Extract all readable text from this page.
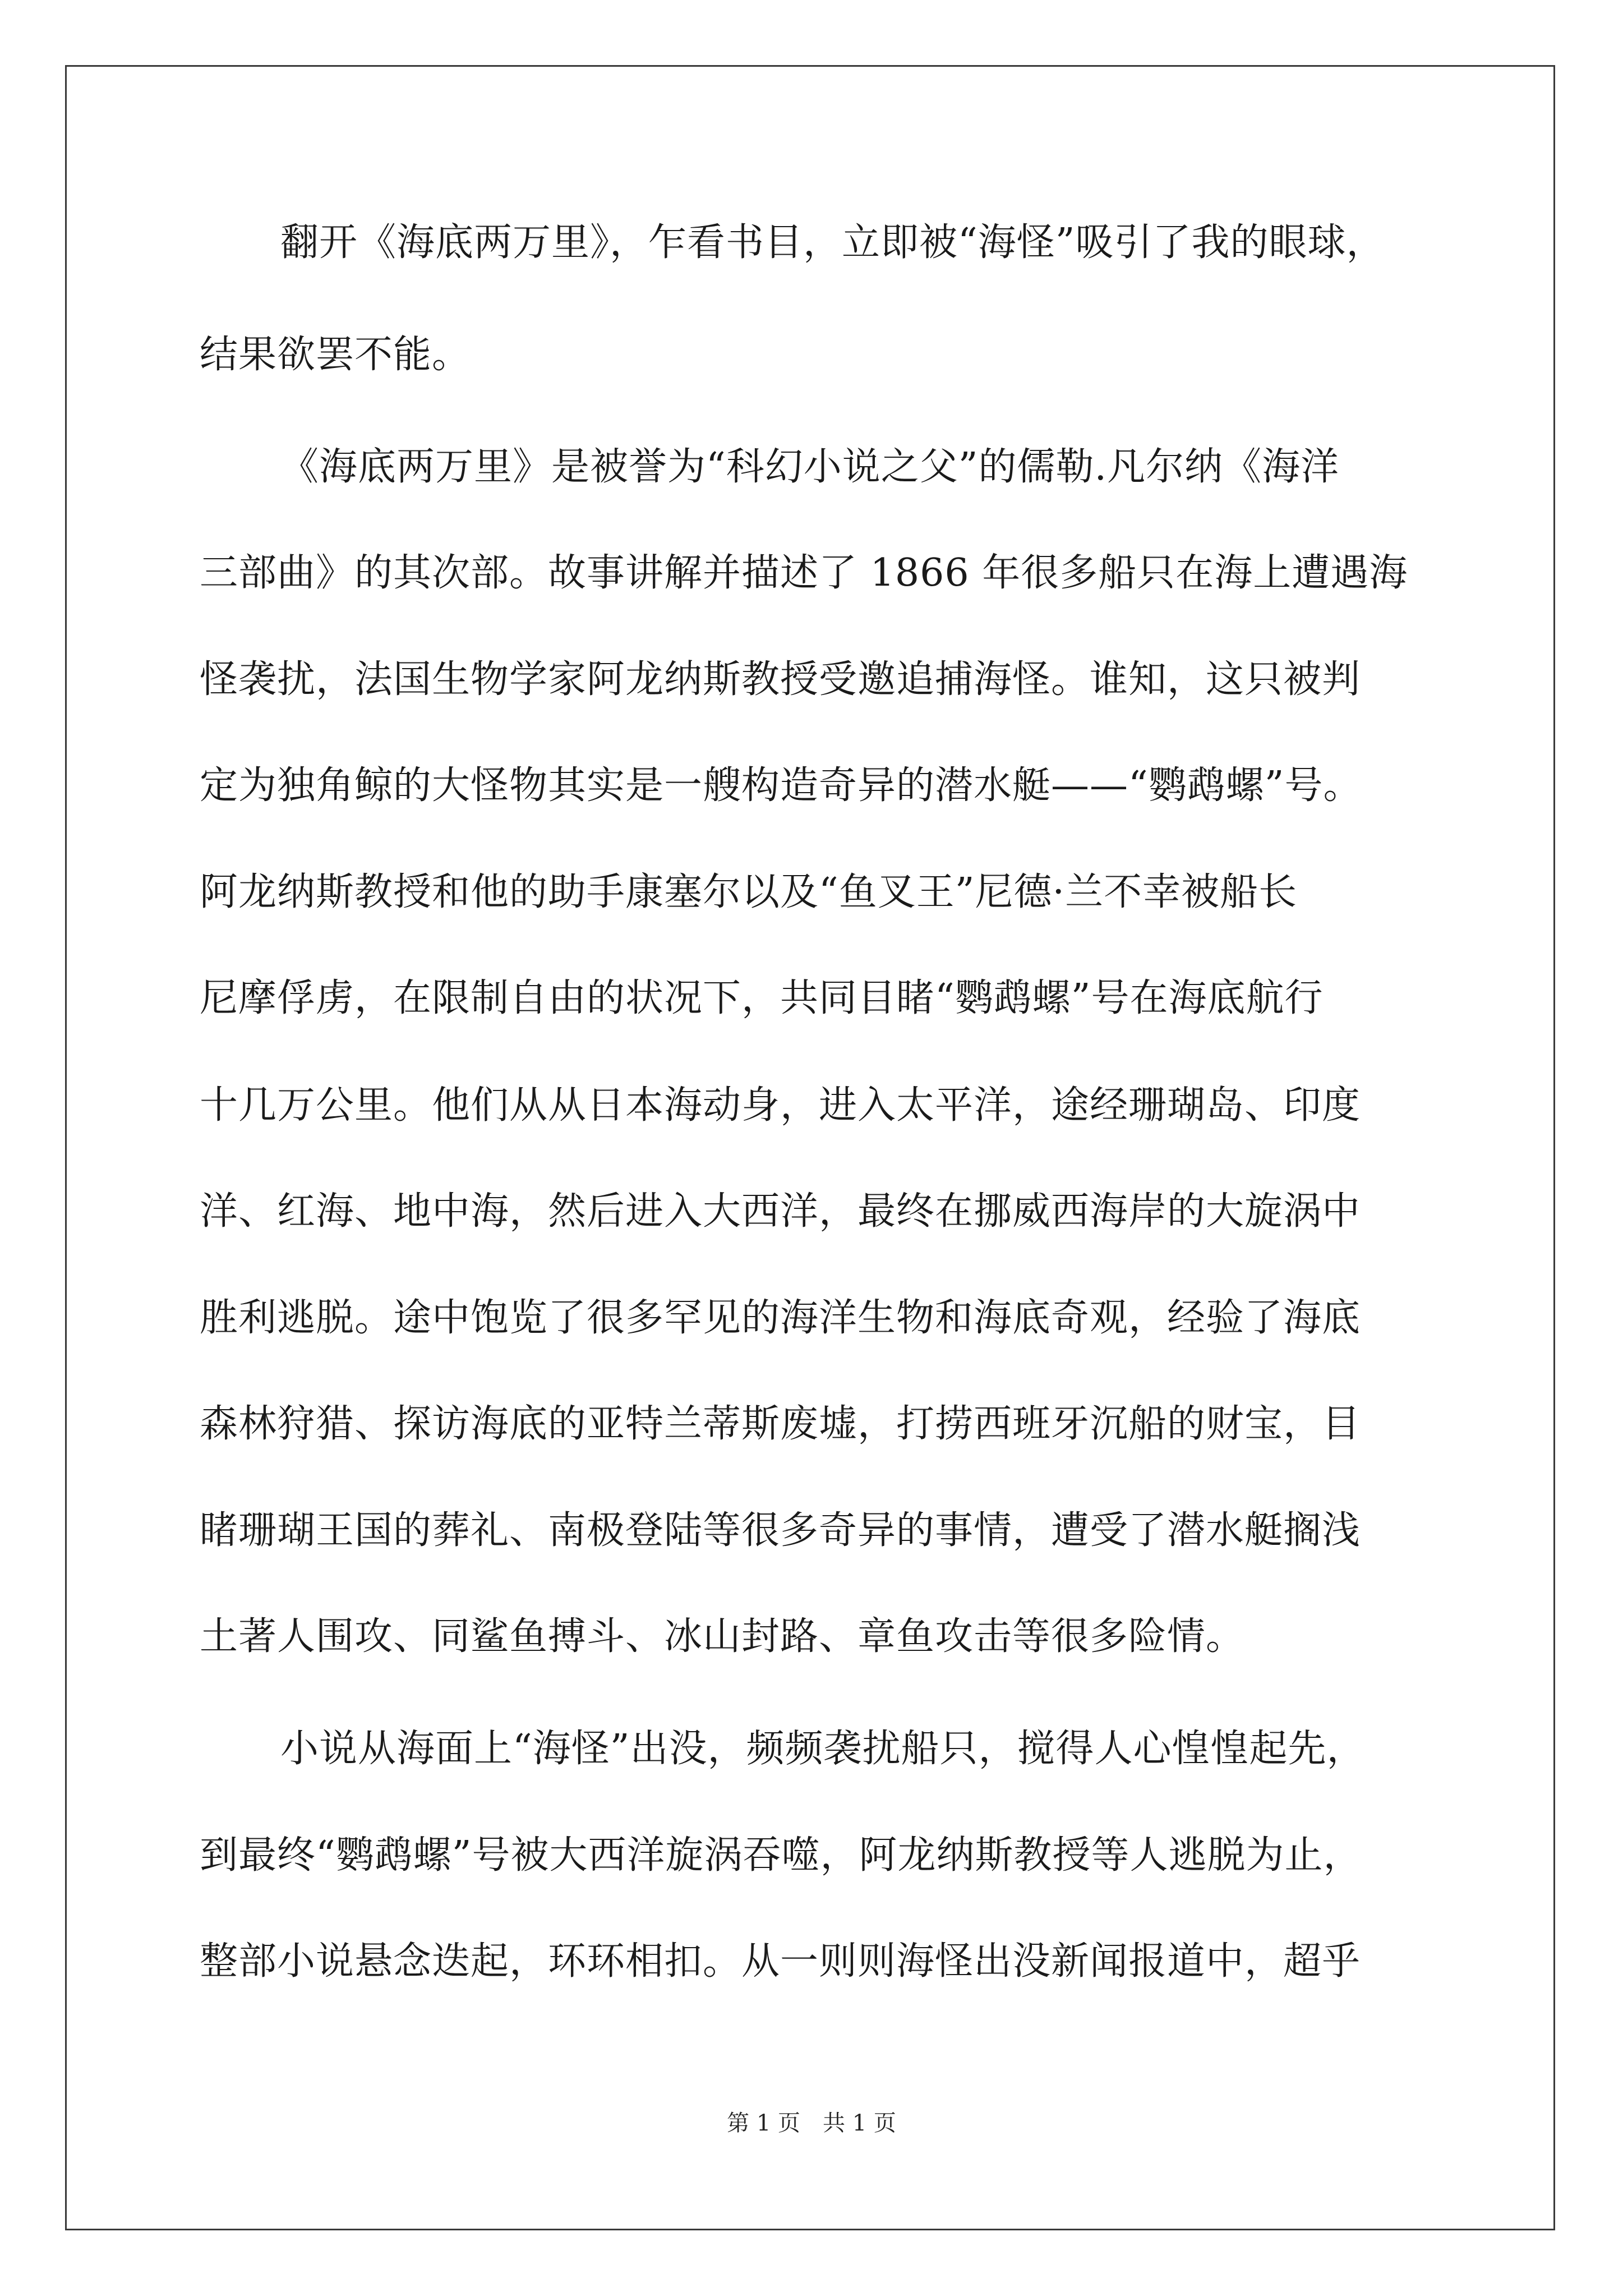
翻开《海底两万里》，乍看书目，立即被“海怪”吸引了我的眼球，
结果欲罢不能。
《海底两万里》是被誉为“科幻小说之父”的儒勒.凡尔纳《海洋
三部曲》的其次部。故事讲解并描述了 1866 年很多船只在海上遭遇海
怪袭扰，法国生物学家阿龙纳斯教授受邀追捕海怪。谁知，这只被判
定为独角鲸的大怪物其实是一艘构造奇异的潜水艇——“鹦鹉螺”号。
阿龙纳斯教授和他的助手康塞尔以及“鱼叉王”尼德·兰不幸被船长
尼摩俘虏，在限制自由的状况下，共同目睹“鹦鹉螺”号在海底航行
十几万公里。他们从从日本海动身，进入太平洋，途经珊瑚岛、印度
洋、红海、地中海，然后进入大西洋，最终在挪威西海岸的大旋涡中
胜利逃脱。途中饱览了很多罕见的海洋生物和海底奇观，经验了海底
森林狩猎、探访海底的亚特兰蒂斯废墟，打捞西班牙沉船的财宝，目
睹珊瑚王国的葬礼、南极登陆等很多奇异的事情，遭受了潜水艇搁浅
土著人围攻、同鲨鱼搏斗、冰山封路、章鱼攻击等很多险情。
小说从海面上“海怪”出没，频频袭扰船只，搅得人心惶惶起先，
到最终“鹦鹉螺”号被大西洋旋涡吞噬，阿龙纳斯教授等人逃脱为止，
整部小说悬念迭起，环环相扣。从一则则海怪出没新闻报道中，超乎
第 1 页　共 1 页
